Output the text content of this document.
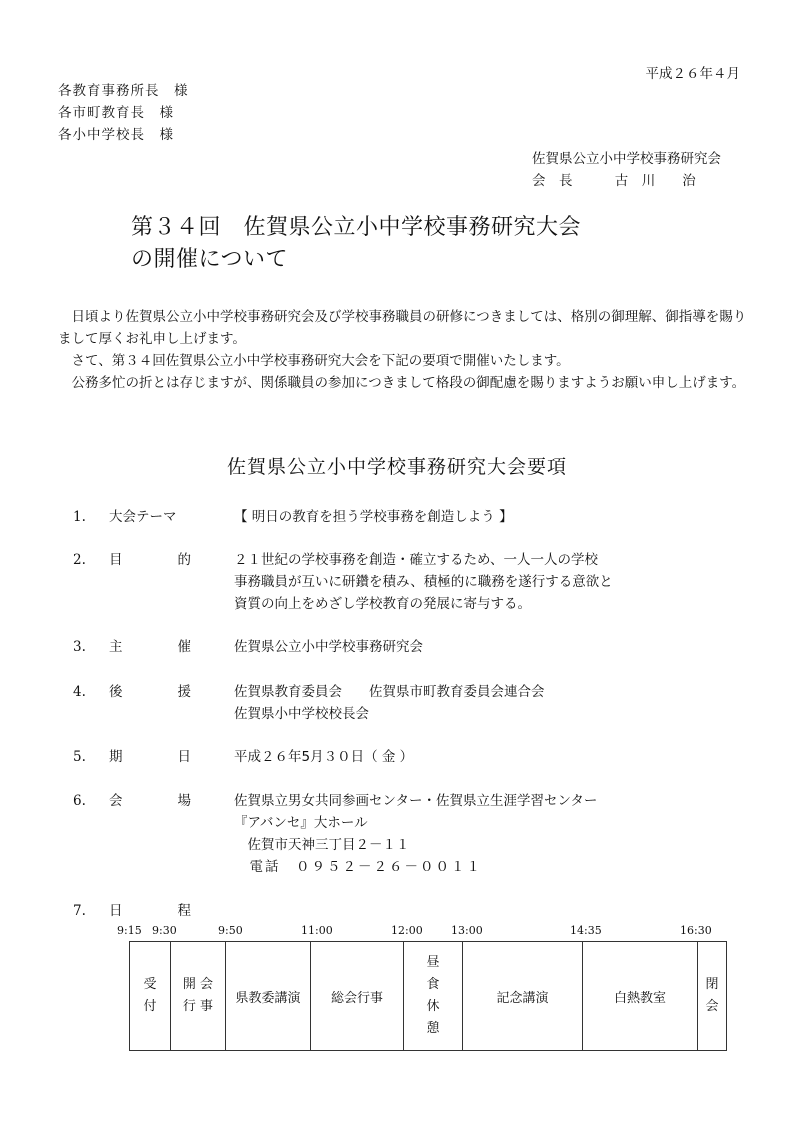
平成２６年４月
各教育事務所長　様
各市町教育長　様
各小中学校長　様
佐賀県公立小中学校事務研究会
会　長	古　川　　治
第３４回　佐賀県公立小中学校事務研究大会
の開催について

日頃より佐賀県公立小中学校事務研究会及び学校事務職員の研修につきましては、格別の御理解、御指導を賜りまして厚くお礼申し上げます。

さて、第３４回佐賀県公立小中学校事務研究大会を下記の要項で開催いたします。

公務多忙の折とは存じますが、関係職員の参加につきまして格段の御配慮を賜りますようお願い申し上げます。

佐賀県公立小中学校事務研究大会要項
1.	大会テーマ	【 明日の教育を担う学校事務を創造しよう 】
2.	目	的	２１世紀の学校事務を創造・確立するため、一人一人の学校
事務職員が互いに研鑽を積み、積極的に職務を遂行する意欲と
資質の向上をめざし学校教育の発展に寄与する。
3.	主	催	佐賀県公立小中学校事務研究会
4.	後	援	佐賀県教育委員会　　佐賀県市町教育委員会連合会
佐賀県小中学校校長会
5.	期	日	平成２６年5月３０日（ 金 ）
6.	会	場	佐賀県立男女共同参画センター・佐賀県立生涯学習センター
『アバンセ』大ホール
　佐賀市天神三丁目２－１１
　電話　０９５２－２６－００１１
7.	日	程
9:15 9:30	9:50	11:00	12:00	13:00	14:35	16:30
受
付

開 会
行 事

県教委講演	総会行事

昼
食
休
憩

記念講演	白熱教室

閉
会
